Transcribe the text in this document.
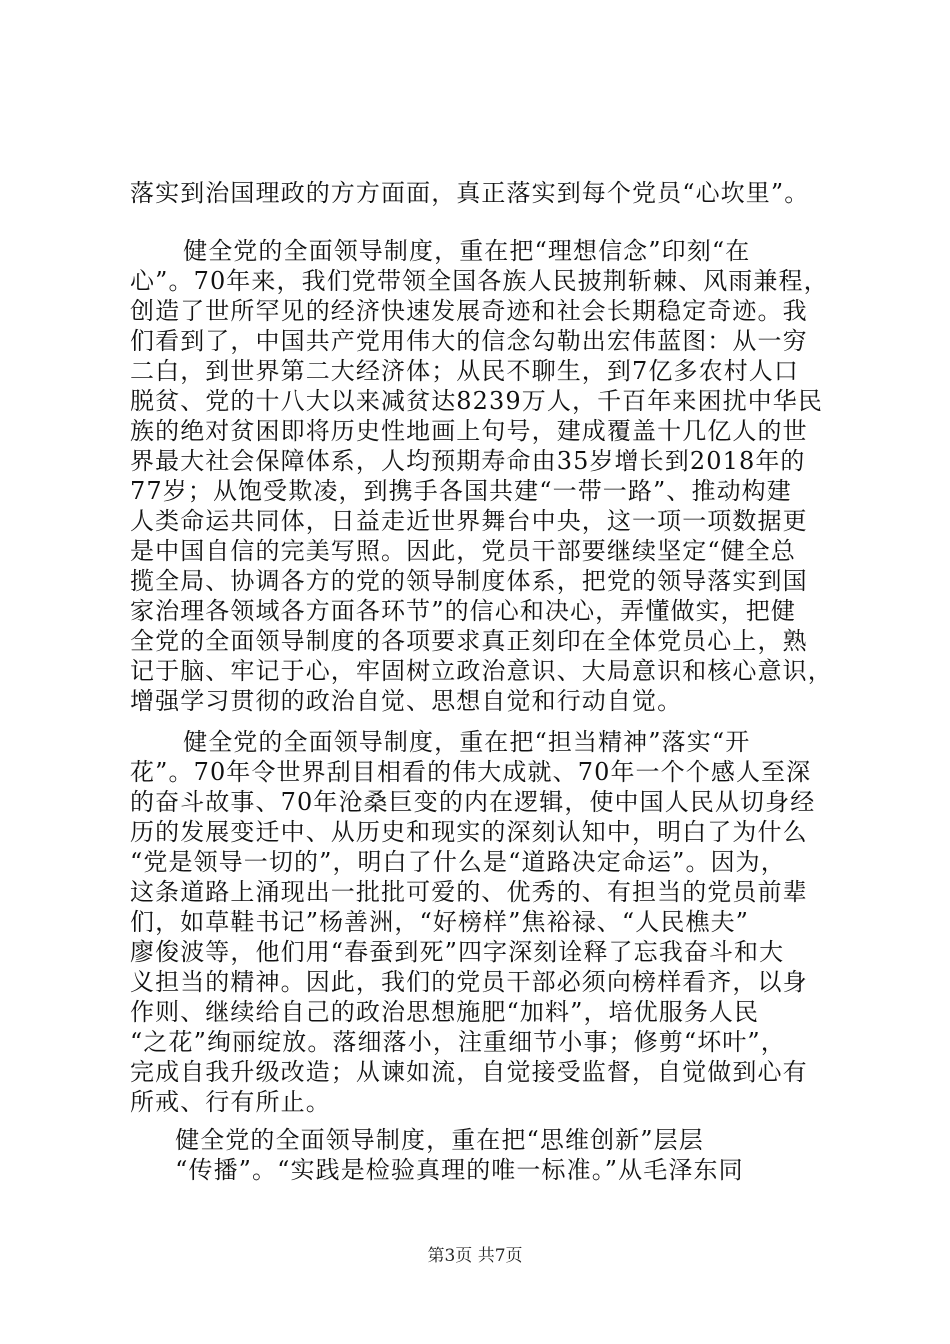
落实到治国理政的方方面面，真正落实到每个党员“心坎里”。
　健全党的全面领导制度，重在把“理想信念”印刻“在
心”。70年来，我们党带领全国各族人民披荆斩棘、风雨兼程，
创造了世所罕见的经济快速发展奇迹和社会长期稳定奇迹。我
们看到了，中国共产党用伟大的信念勾勒出宏伟蓝图：从一穷
二白，到世界第二大经济体；从民不聊生，到7亿多农村人口
脱贫、党的十八大以来减贫达8239万人，千百年来困扰中华民
族的绝对贫困即将历史性地画上句号，建成覆盖十几亿人的世
界最大社会保障体系，人均预期寿命由35岁增长到2018年的
77岁；从饱受欺凌，到携手各国共建“一带一路”、推动构建
人类命运共同体，日益走近世界舞台中央，这一项一项数据更
是中国自信的完美写照。因此，党员干部要继续坚定“健全总
揽全局、协调各方的党的领导制度体系，把党的领导落实到国
家治理各领域各方面各环节”的信心和决心，弄懂做实，把健
全党的全面领导制度的各项要求真正刻印在全体党员心上，熟
记于脑、牢记于心，牢固树立政治意识、大局意识和核心意识，
增强学习贯彻的政治自觉、思想自觉和行动自觉。
　健全党的全面领导制度，重在把“担当精神”落实“开
花”。70年令世界刮目相看的伟大成就、70年一个个感人至深
的奋斗故事、70年沧桑巨变的内在逻辑，使中国人民从切身经
历的发展变迁中、从历史和现实的深刻认知中，明白了为什么
“党是领导一切的”，明白了什么是“道路决定命运”。因为，
这条道路上涌现出一批批可爱的、优秀的、有担当的党员前辈
们，如草鞋书记”杨善洲，“好榜样”焦裕禄、“人民樵夫”
廖俊波等，他们用“春蚕到死”四字深刻诠释了忘我奋斗和大
义担当的精神。因此，我们的党员干部必须向榜样看齐，以身
作则、继续给自己的政治思想施肥“加料”，培优服务人民
“之花”绚丽绽放。落细落小，注重细节小事；修剪“坏叶”，
完成自我升级改造；从谏如流，自觉接受监督，自觉做到心有
所戒、行有所止。
　健全党的全面领导制度，重在把“思维创新”层层
　“传播”。“实践是检验真理的唯一标准。”从毛泽东同
第3页 共7页
